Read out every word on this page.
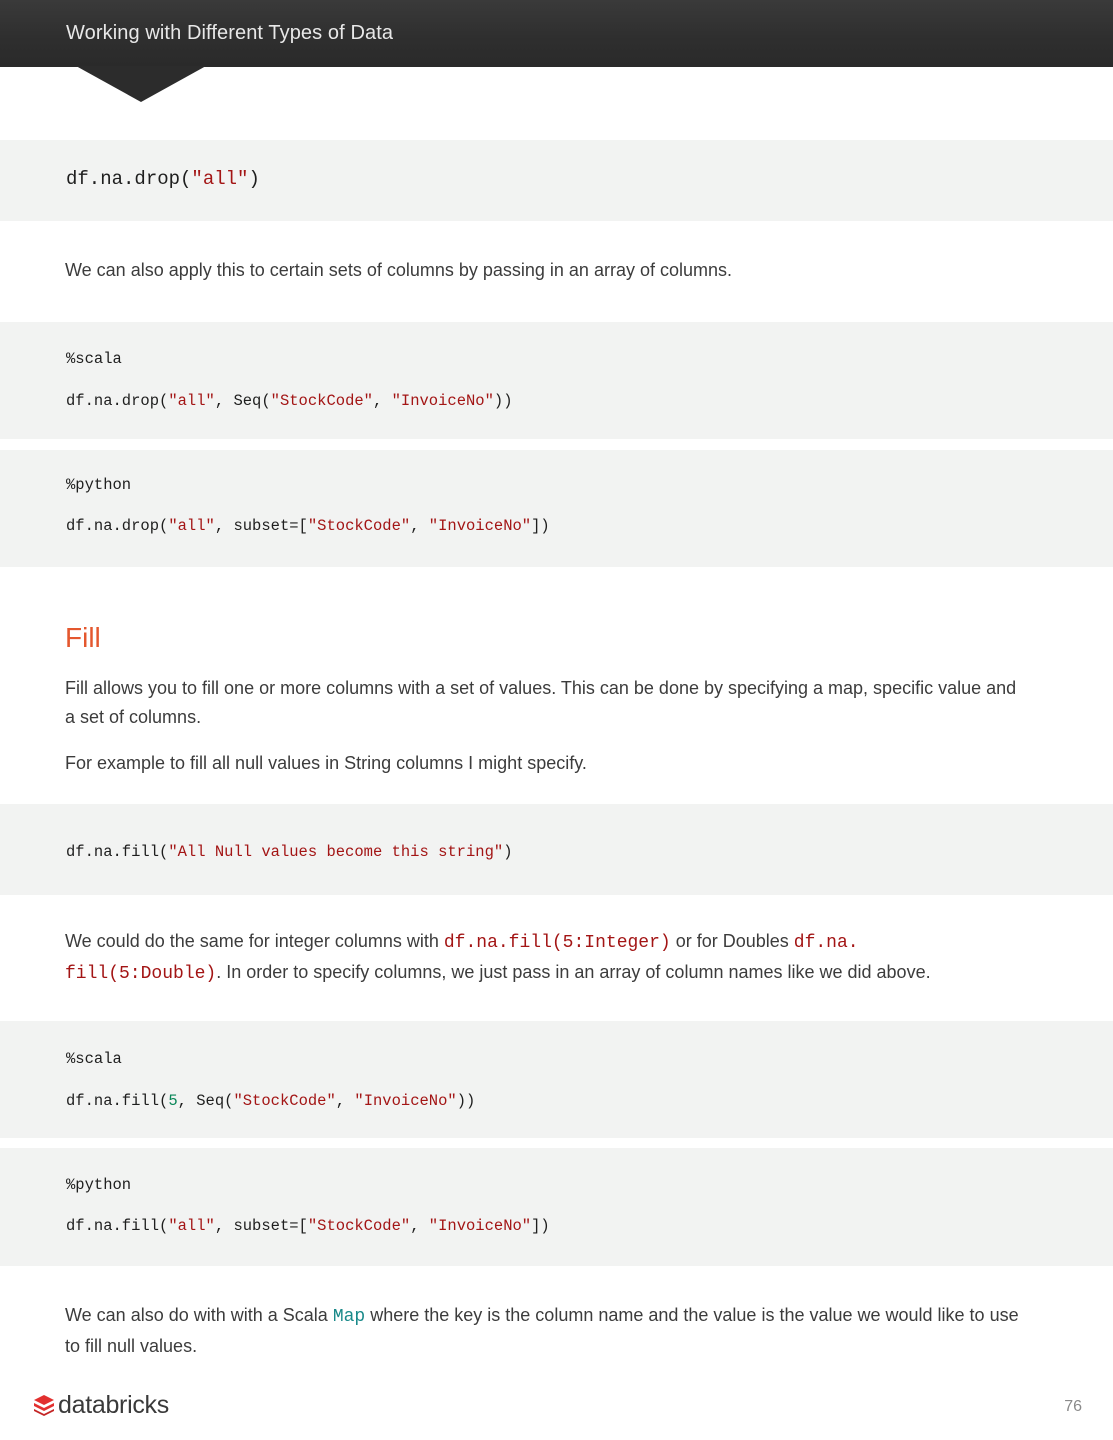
Working with Different Types of Data
df.na.drop("all")
We can also apply this to certain sets of columns by passing in an array of columns.
%scala
df.na.drop("all", Seq("StockCode", "InvoiceNo"))
%python
df.na.drop("all", subset=["StockCode", "InvoiceNo"])
Fill
Fill allows you to fill one or more columns with a set of values. This can be done by specifying a map, specific value and a set of columns.
For example to fill all null values in String columns I might specify.
df.na.fill("All Null values become this string")
We could do the same for integer columns with df.na.fill(5:Integer) or for Doubles df.na.
fill(5:Double). In order to specify columns, we just pass in an array of column names like we did above.
%scala
df.na.fill(5, Seq("StockCode", "InvoiceNo"))
%python
df.na.fill("all", subset=["StockCode", "InvoiceNo"])
We can also do with with a Scala Map where the key is the column name and the value is the value we would like to use to fill null values.
databricks	76
